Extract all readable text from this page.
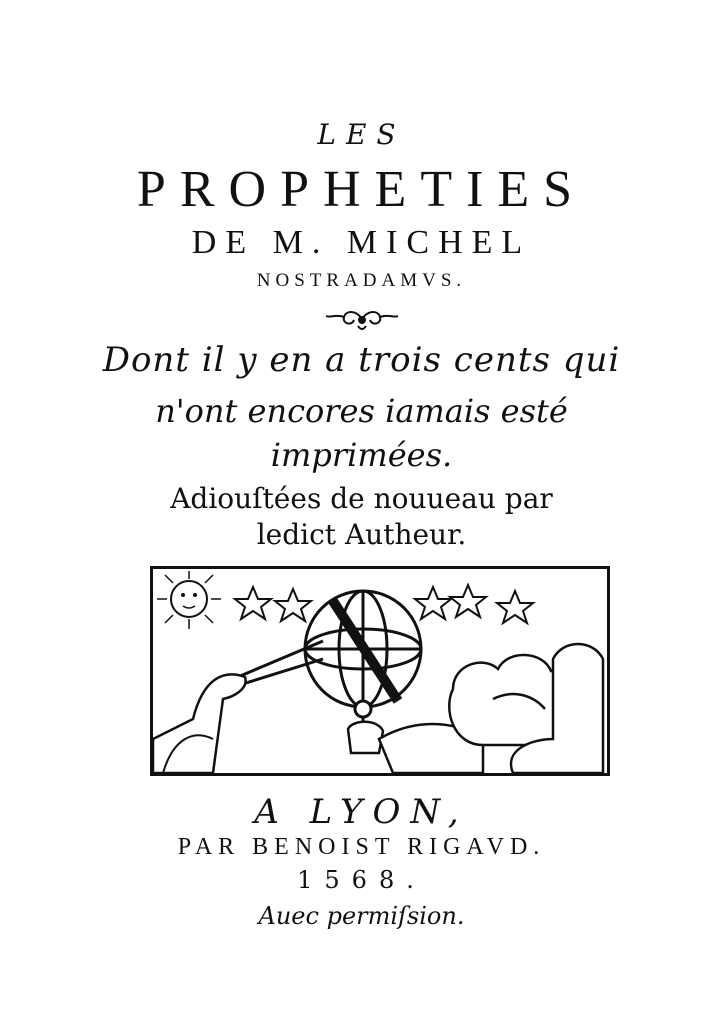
LES
PROPHETIES
DE M. MICHEL
NOSTRADAMVS.
Dont il y en a trois cents qui
n'ont encores iamais esté
imprimées.
Adiouſtées de nouueau par
ledict Autheur.
A LYON,
PAR BENOIST RIGAVD.
1568.
Auec permiſsion.
